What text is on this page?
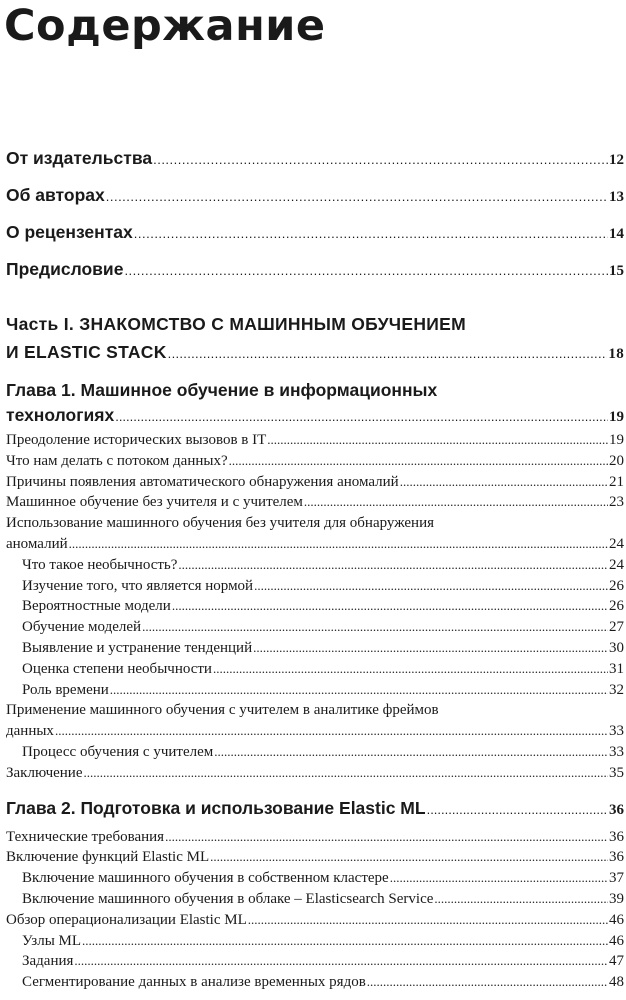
Содержание
От издательства .....	12
Об авторах .....	13
О рецензентах .....	14
Предисловие .....	15
Часть I. ЗНАКОМСТВО С МАШИННЫМ ОБУЧЕНИЕМ
И ELASTIC STACK .....	18
Глава 1. Машинное обучение в информационных
технологиях .....	19
Преодоление исторических вызовов в IT .....	19
Что нам делать с потоком данных? .....	20
Причины появления автоматического обнаружения аномалий .....	21
Машинное обучение без учителя и с учителем .....	23
Использование машинного обучения без учителя для обнаружения
аномалий .....	24
Что такое необычность? .....	24
Изучение того, что является нормой .....	26
Вероятностные модели .....	26
Обучение моделей .....	27
Выявление и устранение тенденций .....	30
Оценка степени необычности .....	31
Роль времени .....	32
Применение машинного обучения с учителем в аналитике фреймов
данных .....	33
Процесс обучения с учителем .....	33
Заключение .....	35
Глава 2. Подготовка и использование Elastic ML .....	36
Технические требования .....	36
Включение функций Elastic ML .....	36
Включение машинного обучения в собственном кластере .....	37
Включение машинного обучения в облаке – Elasticsearch Service .....	39
Обзор операционализации Elastic ML .....	46
Узлы ML .....	46
Задания .....	47
Сегментирование данных в анализе временных рядов .....	48
